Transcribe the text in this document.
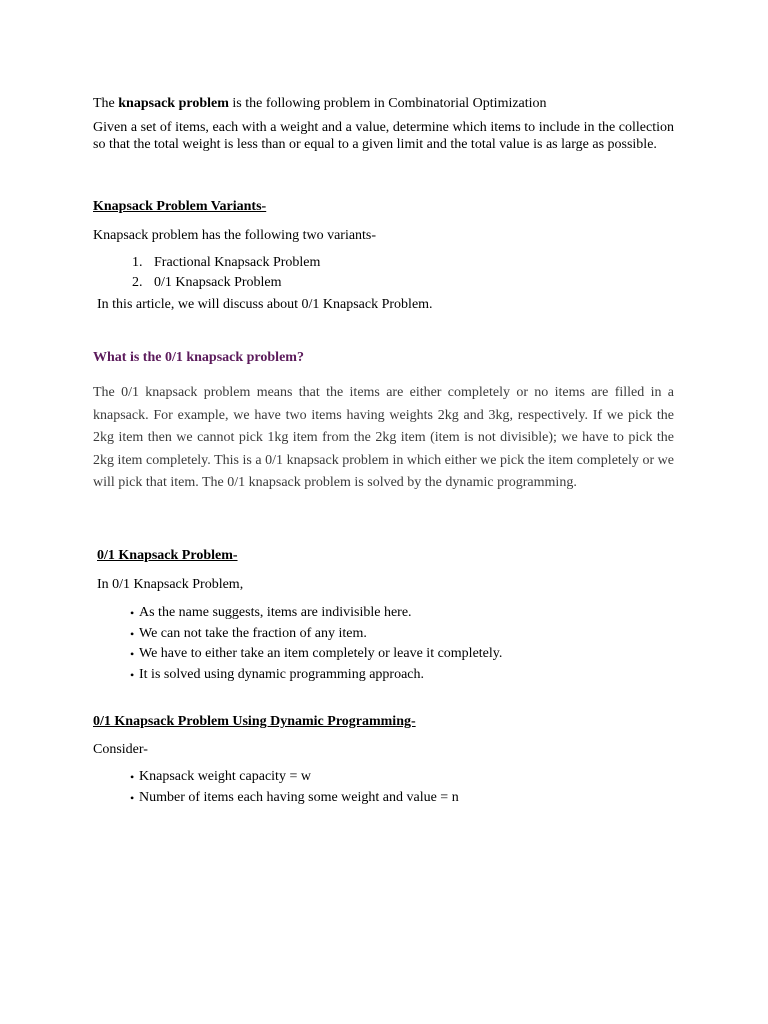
The knapsack problem is the following problem in Combinatorial Optimization

Given a set of items, each with a weight and a value, determine which items to include in the collection so that the total weight is less than or equal to a given limit and the total value is as large as possible.

Knapsack Problem Variants-

Knapsack problem has the following two variants-

1. Fractional Knapsack Problem
2. 0/1 Knapsack Problem

In this article, we will discuss about 0/1 Knapsack Problem.

What is the 0/1 knapsack problem?

The 0/1 knapsack problem means that the items are either completely or no items are filled in a knapsack. For example, we have two items having weights 2kg and 3kg, respectively. If we pick the 2kg item then we cannot pick 1kg item from the 2kg item (item is not divisible); we have to pick the 2kg item completely. This is a 0/1 knapsack problem in which either we pick the item completely or we will pick that item. The 0/1 knapsack problem is solved by the dynamic programming.

0/1 Knapsack Problem-

In 0/1 Knapsack Problem,

• As the name suggests, items are indivisible here.
• We can not take the fraction of any item.
• We have to either take an item completely or leave it completely.
• It is solved using dynamic programming approach.

0/1 Knapsack Problem Using Dynamic Programming-

Consider-

• Knapsack weight capacity = w
• Number of items each having some weight and value = n
